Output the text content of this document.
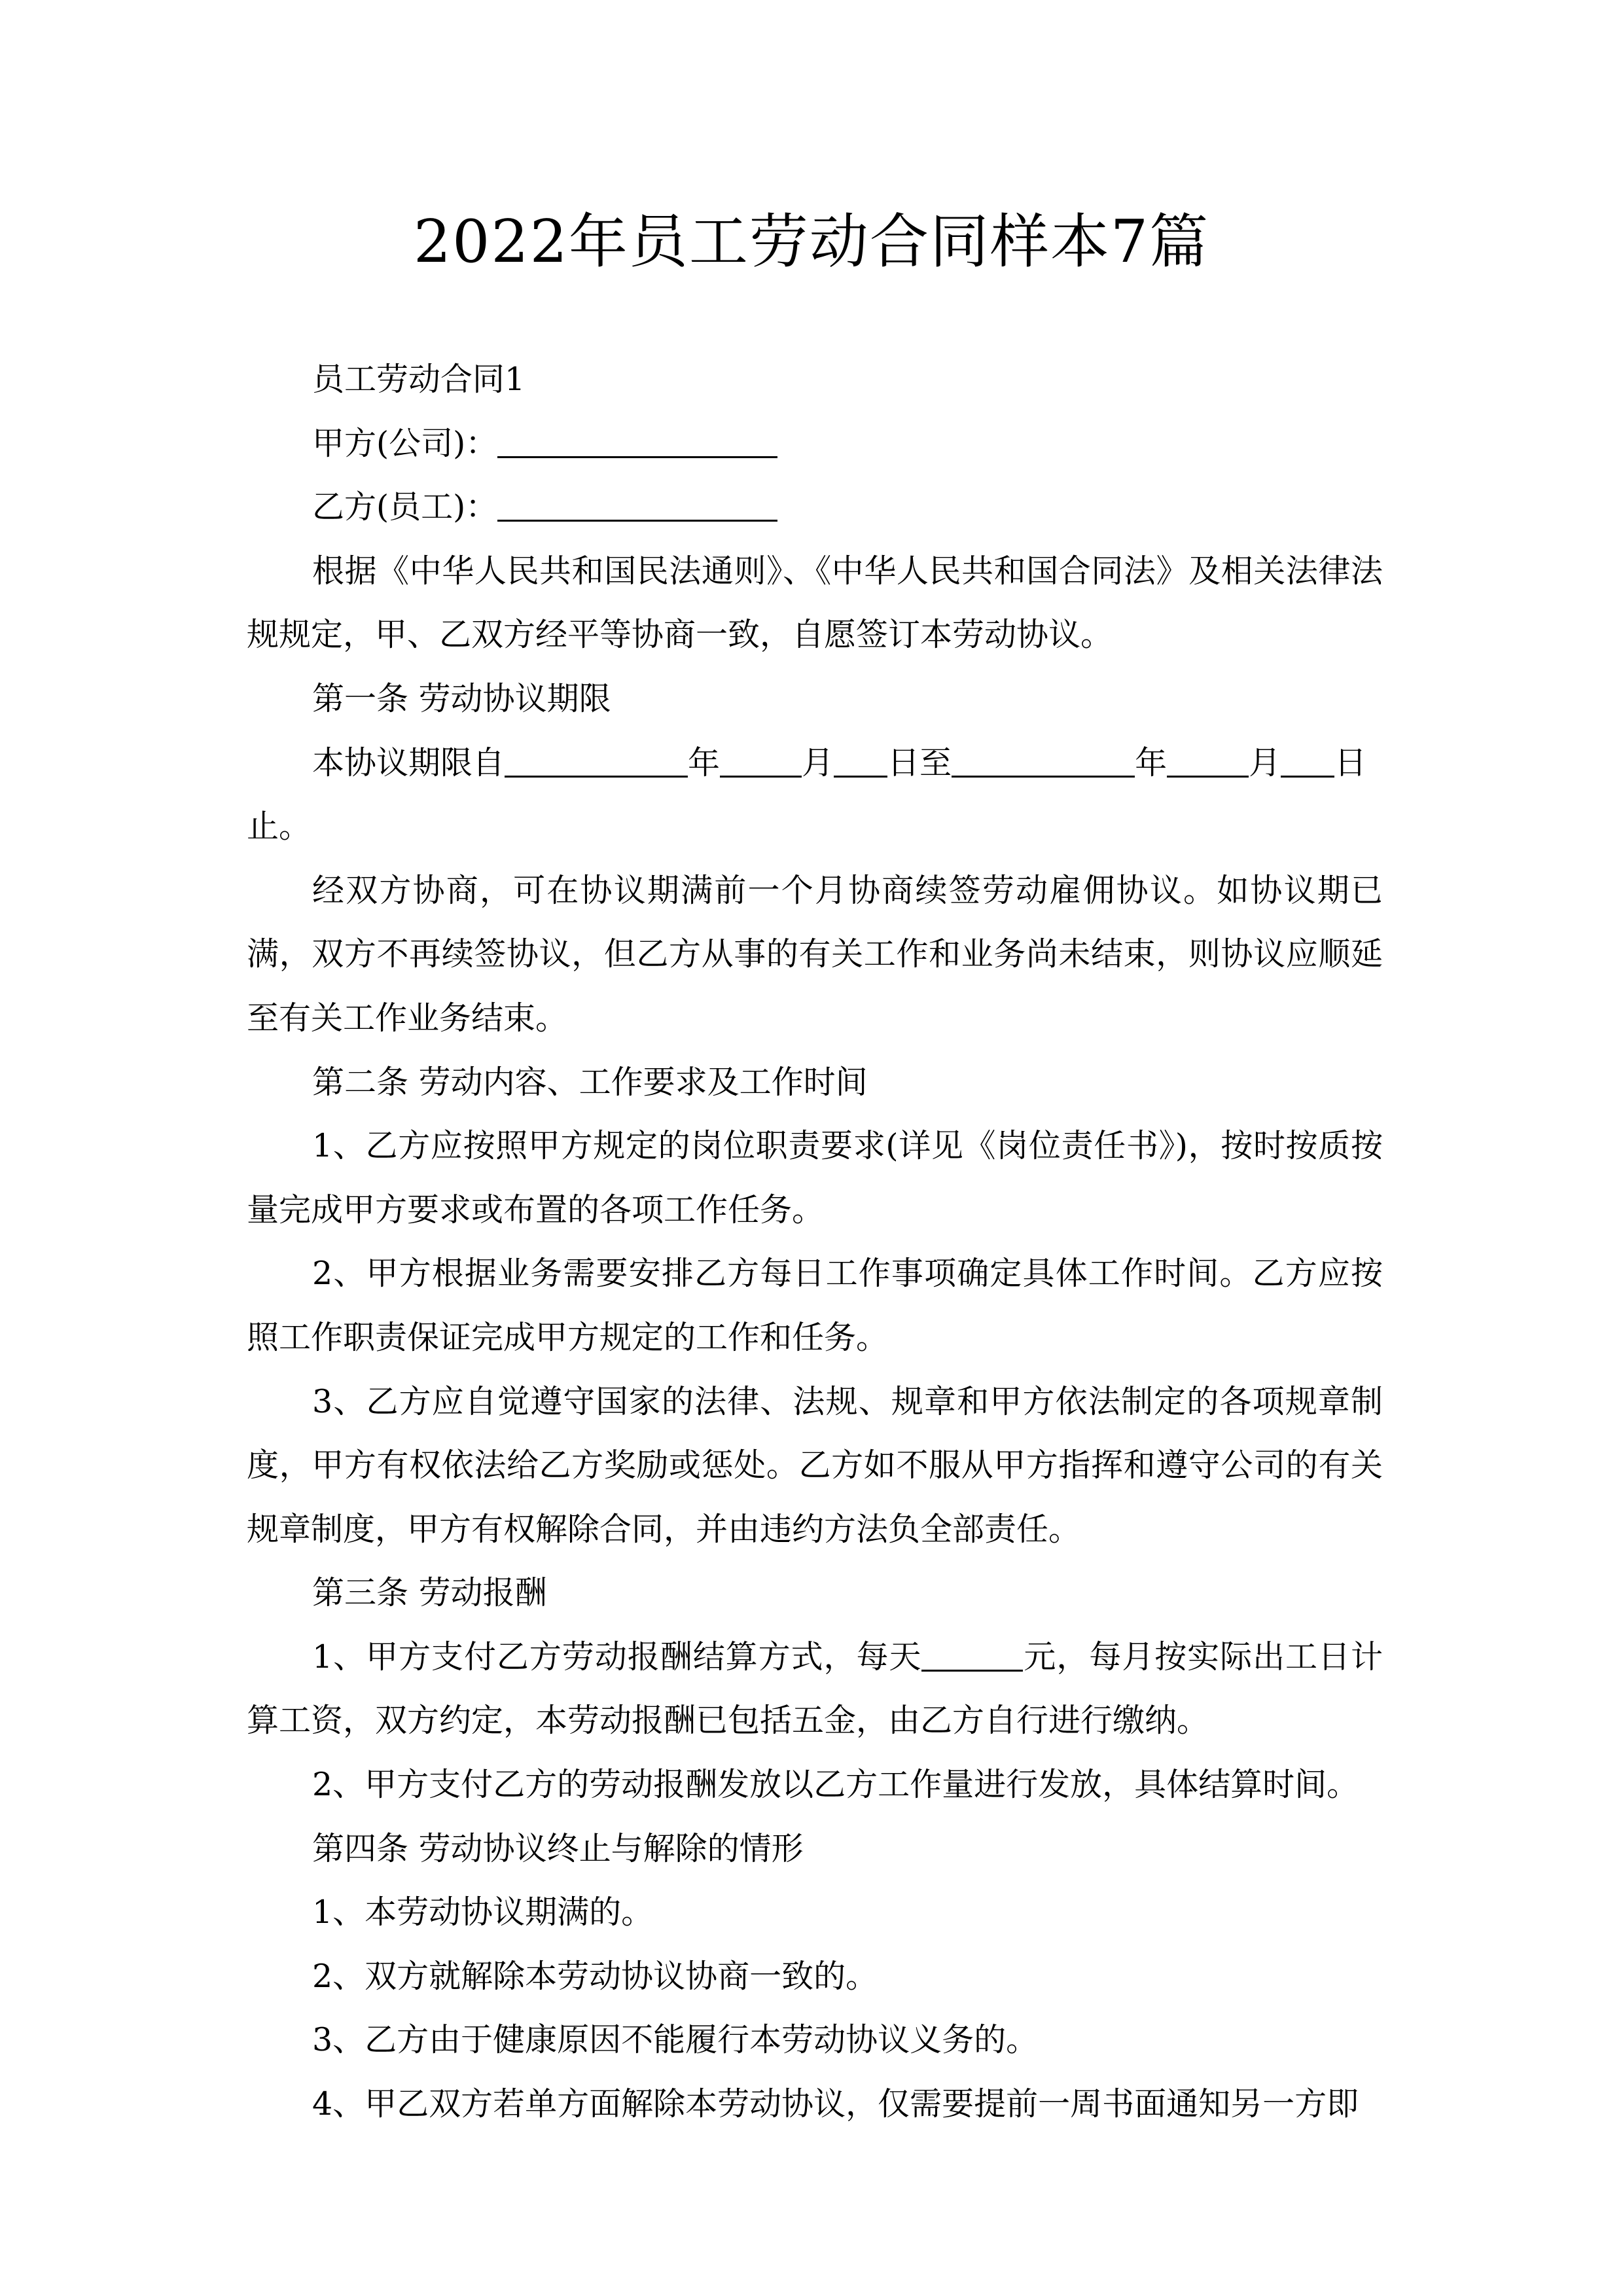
2022年员工劳动合同样本7篇

员工劳动合同1

甲方(公司)：

乙方(员工)：

根据《中华人民共和国民法通则》、《中华人民共和国合同法》及相关法律法规规定，甲、乙双方经平等协商一致，自愿签订本劳动协议。

第一条 劳动协议期限

本协议期限自	年	月 日至	年	月 日止。

经双方协商，可在协议期满前一个月协商续签劳动雇佣协议。如协议期已满，双方不再续签协议，但乙方从事的有关工作和业务尚未结束，则协议应顺延至有关工作业务结束。

第二条 劳动内容、工作要求及工作时间

1、乙方应按照甲方规定的岗位职责要求(详见《岗位责任书》)，按时按质按量完成甲方要求或布置的各项工作任务。

2、甲方根据业务需要安排乙方每日工作事项确定具体工作时间。乙方应按照工作职责保证完成甲方规定的工作和任务。

3、乙方应自觉遵守国家的法律、法规、规章和甲方依法制定的各项规章制度，甲方有权依法给乙方奖励或惩处。乙方如不服从甲方指挥和遵守公司的有关规章制度，甲方有权解除合同，并由违约方法负全部责任。

第三条 劳动报酬

1、甲方支付乙方劳动报酬结算方式，每天	元，每月按实际出工日计算工资，双方约定，本劳动报酬已包括五金，由乙方自行进行缴纳。

2、甲方支付乙方的劳动报酬发放以乙方工作量进行发放，具体结算时间。

第四条 劳动协议终止与解除的情形

1、本劳动协议期满的。

2、双方就解除本劳动协议协商一致的。

3、乙方由于健康原因不能履行本劳动协议义务的。

4、甲乙双方若单方面解除本劳动协议，仅需要提前一周书面通知另一方即
